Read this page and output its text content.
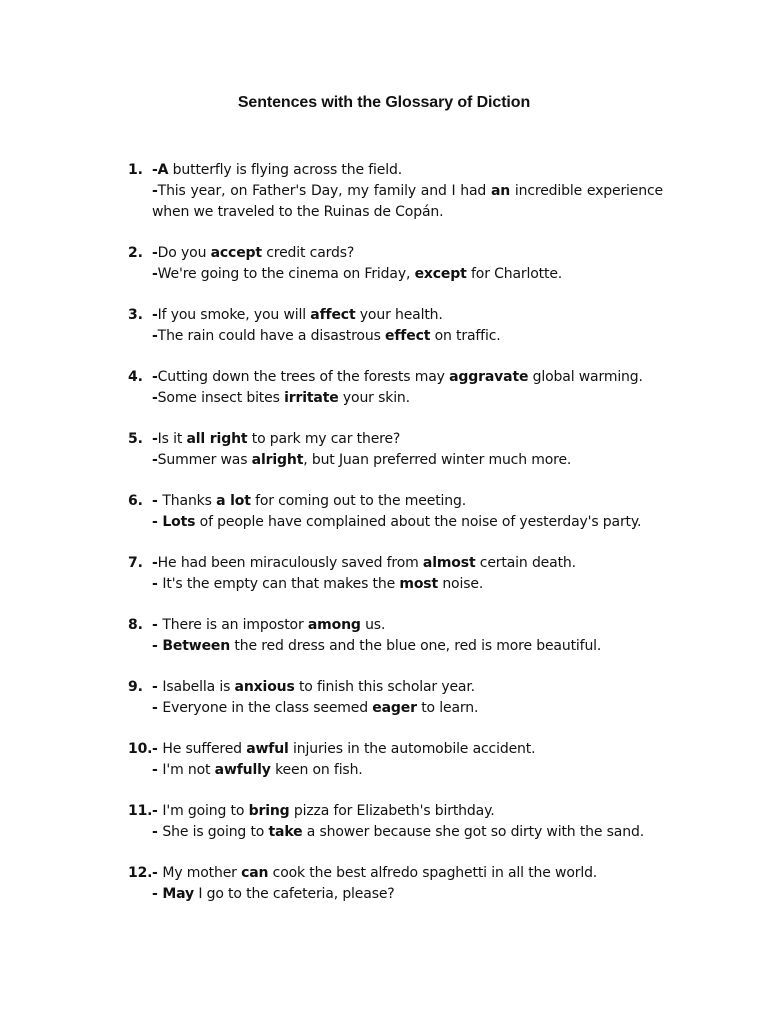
Sentences with the Glossary of Diction
1. -A butterfly is flying across the field.
-This year, on Father's Day, my family and I had an incredible experience when we traveled to the Ruinas de Copán.
2. -Do you accept credit cards?
-We're going to the cinema on Friday, except for Charlotte.
3. -If you smoke, you will affect your health.
-The rain could have a disastrous effect on traffic.
4. -Cutting down the trees of the forests may aggravate global warming.
-Some insect bites irritate your skin.
5. -Is it all right to park my car there?
-Summer was alright, but Juan preferred winter much more.
6. - Thanks a lot for coming out to the meeting.
- Lots of people have complained about the noise of yesterday's party.
7. -He had been miraculously saved from almost certain death.
- It's the empty can that makes the most noise.
8. - There is an impostor among us.
- Between the red dress and the blue one, red is more beautiful.
9. - Isabella is anxious to finish this scholar year.
- Everyone in the class seemed eager to learn.
10. - He suffered awful injuries in the automobile accident.
- I'm not awfully keen on fish.
11. - I'm going to bring pizza for Elizabeth's birthday.
- She is going to take a shower because she got so dirty with the sand.
12. - My mother can cook the best alfredo spaghetti in all the world.
- May I go to the cafeteria, please?
